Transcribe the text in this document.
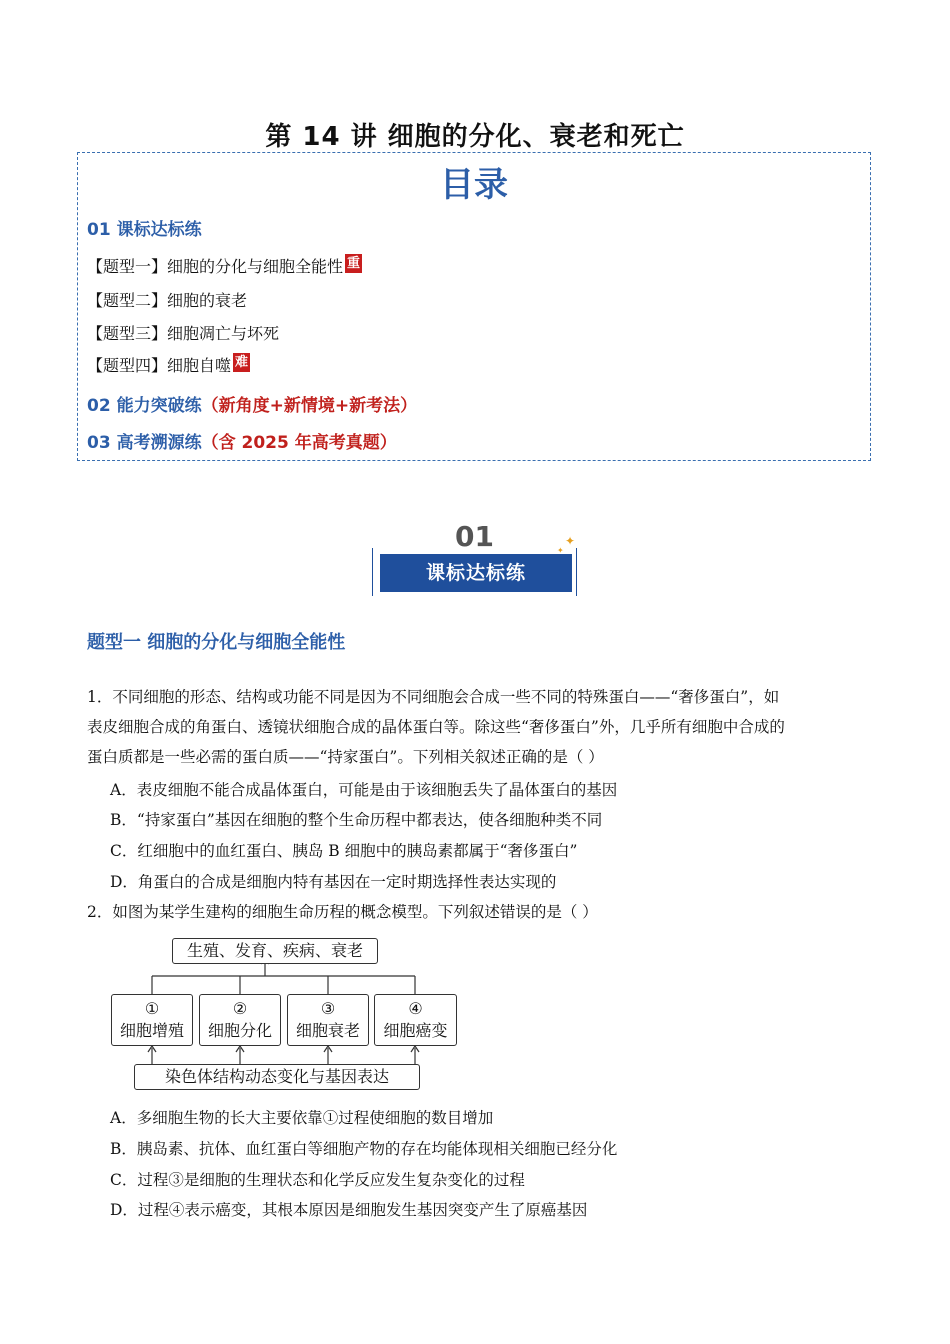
第 14 讲 细胞的分化、衰老和死亡
目录
01 课标达标练
【题型一】细胞的分化与细胞全能性 重
【题型二】细胞的衰老
【题型三】细胞凋亡与坏死
【题型四】细胞自噬 难
02 能力突破练（新角度+新情境+新考法）
03 高考溯源练（含 2025 年高考真题）
01
课标达标练
✦
✦
题型一 细胞的分化与细胞全能性
1．不同细胞的形态、结构或功能不同是因为不同细胞会合成一些不同的特殊蛋白——“奢侈蛋白”，如
表皮细胞合成的角蛋白、透镜状细胞合成的晶体蛋白等。除这些“奢侈蛋白”外，几乎所有细胞中合成的
蛋白质都是一些必需的蛋白质——“持家蛋白”。下列相关叙述正确的是（ ）
A．表皮细胞不能合成晶体蛋白，可能是由于该细胞丢失了晶体蛋白的基因
B．“持家蛋白”基因在细胞的整个生命历程中都表达，使各细胞种类不同
C．红细胞中的血红蛋白、胰岛 B 细胞中的胰岛素都属于“奢侈蛋白”
D．角蛋白的合成是细胞内特有基因在一定时期选择性表达实现的
2．如图为某学生建构的细胞生命历程的概念模型。下列叙述错误的是（ ）
生殖、发育、疾病、衰老
①
细胞增殖
②
细胞分化
③
细胞衰老
④
细胞癌变
染色体结构动态变化与基因表达
A．多细胞生物的长大主要依靠①过程使细胞的数目增加
B．胰岛素、抗体、血红蛋白等细胞产物的存在均能体现相关细胞已经分化
C．过程③是细胞的生理状态和化学反应发生复杂变化的过程
D．过程④表示癌变，其根本原因是细胞发生基因突变产生了原癌基因
